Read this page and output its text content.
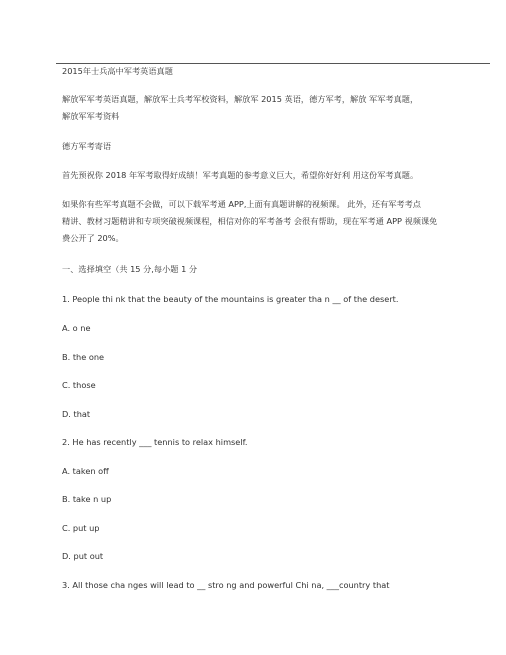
2015年士兵高中军考英语真题
解放军军考英语真题，解放军士兵考军校资料，解放军 2015 英语，德方军考，解放 军军考真题，
解放军军考资料
德方军考寄语
首先预祝你 2018 年军考取得好成绩！军考真题的参考意义巨大，希望你好好利 用这份军考真题。
如果你有些军考真题不会做，可以下载军考通 APP,上面有真题讲解的视频课。 此外，还有军考考点
精讲、教材习题精讲和专项突破视频课程，相信对你的军考备考 会很有帮助，现在军考通 APP 视频课免
费公开了 20%。
一、选择填空（共 15 分,每小题 1 分
1. People thi nk that the beauty of the mountains is greater tha n __ of the desert.
A. o ne
B. the one
C. those
D. that
2. He has recently ___ tennis to relax himself.
A. taken off
B. take n up
C. put up
D. put out
3. All those cha nges will lead to __ stro ng and powerful Chi na, ___country that
